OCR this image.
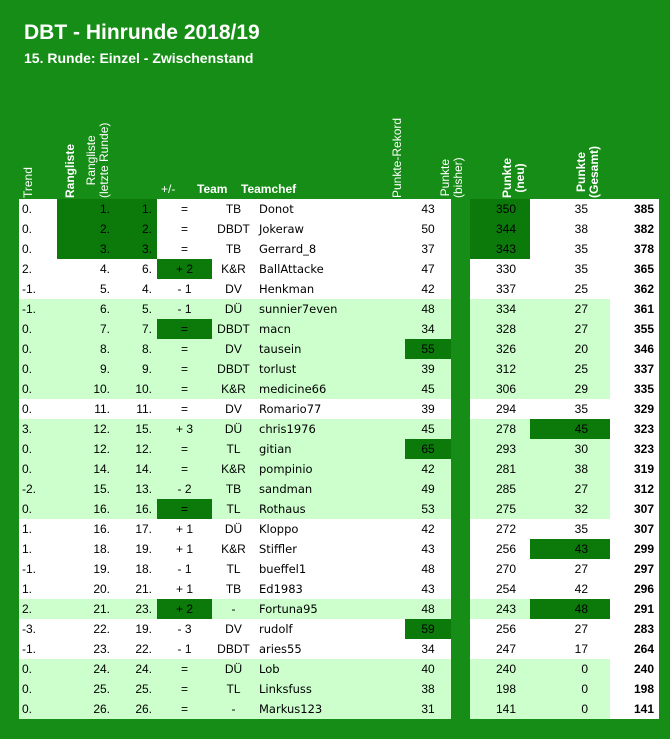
DBT - Hinrunde 2018/19
15. Runde: Einzel - Zwischenstand
Trend Rangliste Rangliste
(letzte Runde)
+/- Team Teamchef	Punkte-Rekord	Punkte
(bisher)	Punkte
(neu)	Punkte
(Gesamt)
0.	1.	1.	=	TB	Donot	43	350	35	385
0.	2.	2.	=	DBDT Jokeraw	50	344	38	382
0.	3.	3.	=	TB	Gerrard_8	37	343	35	378
2.	4.	6.	+ 2	K&R	BallAttacke	47	330	35	365
-1.	5.	4.	- 1	DV	Henkman	42	337	25	362
-1.	6.	5.	- 1	DÜ	sunnier7even	48	334	27	361
0.	7.	7.	=	DBDT macn	34	328	27	355
0.	8.	8.	=	DV	tausein	55	326	20	346
0.	9.	9.	=	DBDT torlust	39	312	25	337
0.	10.	10.	=	K&R	medicine66	45	306	29	335
0.	11.	11.	=	DV	Romario77	39	294	35	329
3.	12.	15.	+ 3	DÜ	chris1976	45	278	45	323
0.	12.	12.	=	TL	gitian	65	293	30	323
0.	14.	14.	=	K&R	pompinio	42	281	38	319
-2.	15.	13.	- 2	TB	sandman	49	285	27	312
0.	16.	16.	=	TL	Rothaus	53	275	32	307
1.	16.	17.	+ 1	DÜ	Kloppo	42	272	35	307
1.	18.	19.	+ 1	K&R	Stiffler	43	256	43	299
-1.	19.	18.	- 1	TL	bueffel1	48	270	27	297
1.	20.	21.	+ 1	TB	Ed1983	43	254	42	296
2.	21.	23.	+ 2	-	Fortuna95	48	243	48	291
-3.	22.	19.	- 3	DV	rudolf	59	256	27	283
-1.	23.	22.	- 1	DBDT aries55	34	247	17	264
0.	24.	24.	=	DÜ	Lob	40	240	0	240
0.	25.	25.	=	TL	Linksfuss	38	198	0	198
0.	26.	26.	=	-	Markus123	31	141	0	141
